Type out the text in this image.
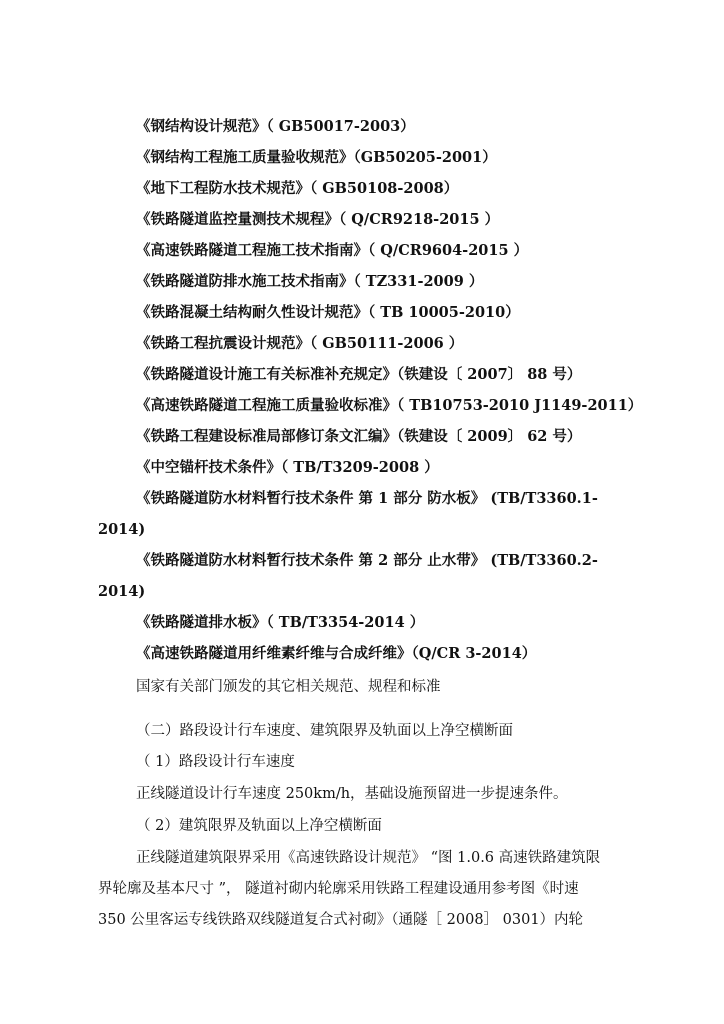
《钢结构设计规范》（ GB50017-2003）
《钢结构工程施工质量验收规范》（GB50205-2001）
《地下工程防水技术规范》（ GB50108-2008）
《铁路隧道监控量测技术规程》（ Q/CR9218-2015 ）
《高速铁路隧道工程施工技术指南》（ Q/CR9604-2015 ）
《铁路隧道防排水施工技术指南》（ TZ331-2009 ）
《铁路混凝土结构耐久性设计规范》（ TB 10005-2010）
《铁路工程抗震设计规范》（ GB50111-2006 ）
《铁路隧道设计施工有关标准补充规定》（铁建设〔 2007〕 88 号）
《高速铁路隧道工程施工质量验收标准》（ TB10753-2010 J1149-2011）
《铁路工程建设标准局部修订条文汇编》（铁建设〔 2009〕 62 号）
《中空锚杆技术条件》（ TB/T3209-2008 ）
《铁路隧道防水材料暂行技术条件 第 1 部分 防水板》 (TB/T3360.1-
2014)
《铁路隧道防水材料暂行技术条件 第 2 部分 止水带》 (TB/T3360.2-
2014)
《铁路隧道排水板》（ TB/T3354-2014 ）
《高速铁路隧道用纤维素纤维与合成纤维》（Q/CR 3-2014）
国家有关部门颁发的其它相关规范、规程和标准
（二）路段设计行车速度、建筑限界及轨面以上净空横断面
（ 1）路段设计行车速度
正线隧道设计行车速度 250km/h，基础设施预留进一步提速条件。
（ 2）建筑限界及轨面以上净空横断面
正线隧道建筑限界采用《高速铁路设计规范》 “图 1.0.6 高速铁路建筑限
界轮廓及基本尺寸 ”， 隧道衬砌内轮廓采用铁路工程建设通用参考图《时速
350 公里客运专线铁路双线隧道复合式衬砌》（通隧［ 2008］ 0301）内轮
